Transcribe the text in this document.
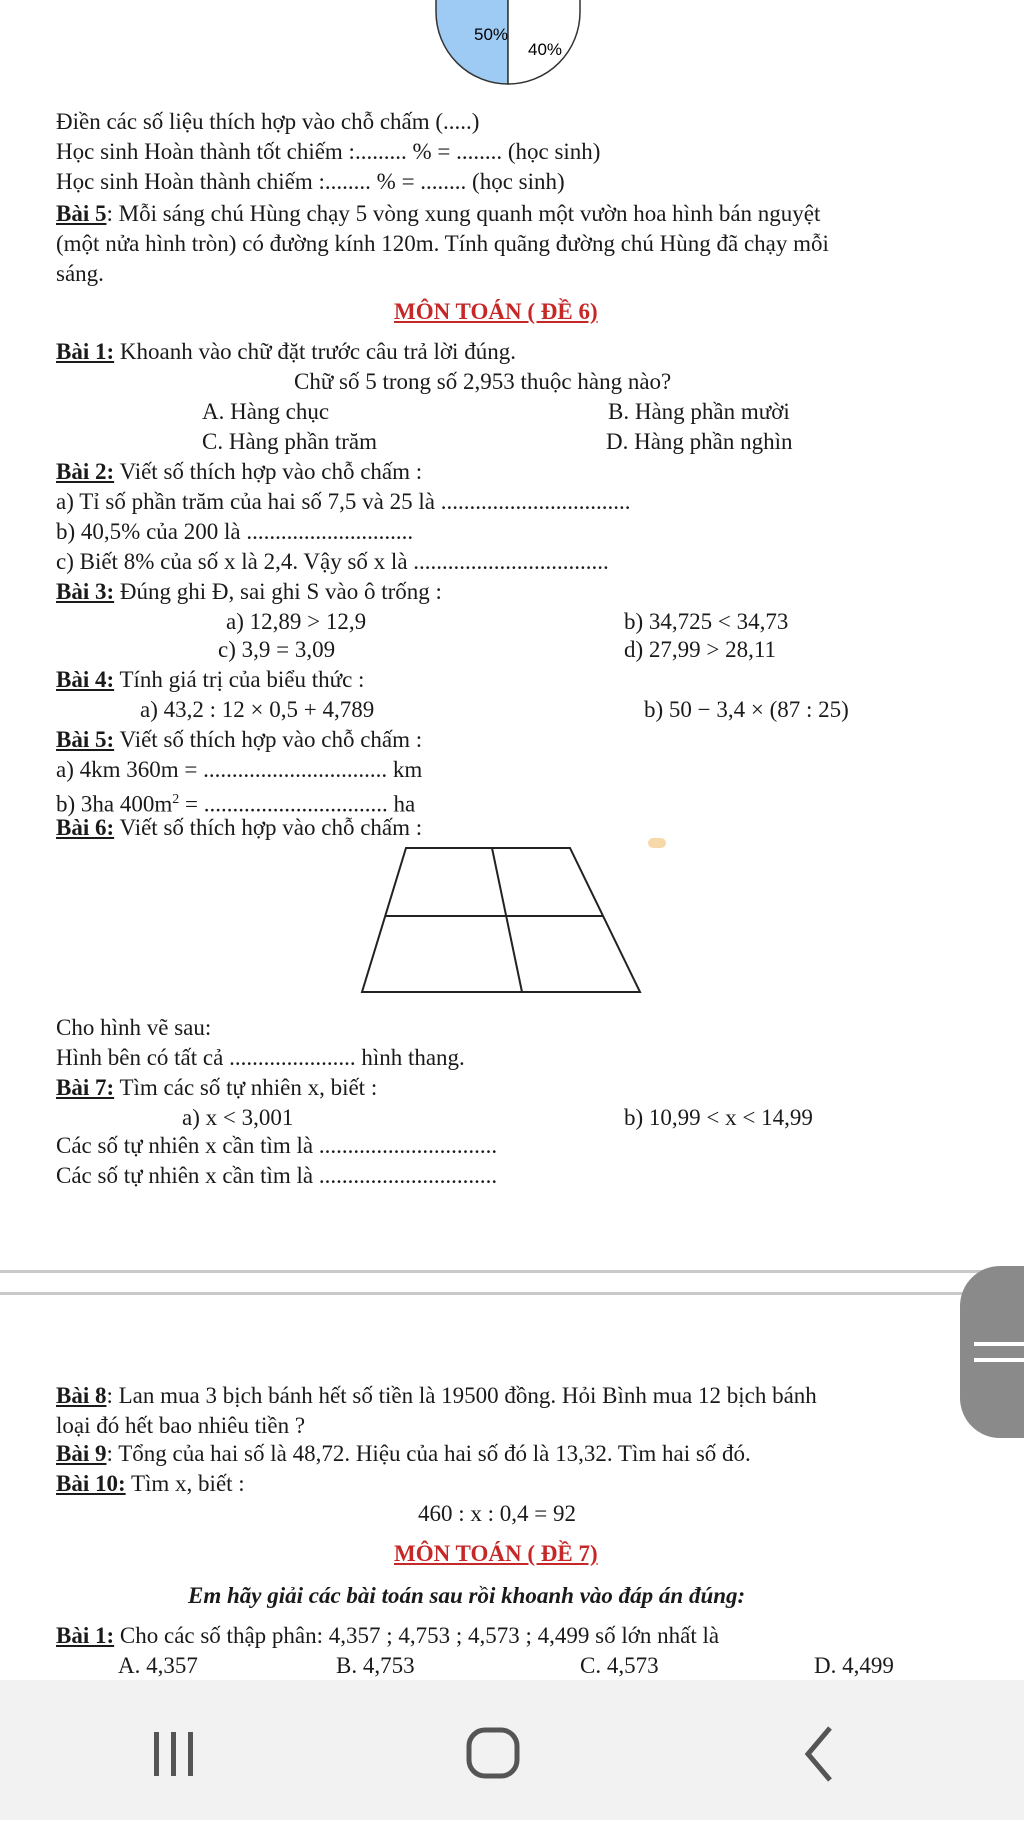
50%
40%
Điền các số liệu thích hợp vào chỗ chấm (.....)
Học sinh Hoàn thành tốt chiếm :......... % = ........ (học sinh)
Học sinh Hoàn thành chiếm :........ % = ........ (học sinh)
Bài 5: Mỗi sáng chú Hùng chạy 5 vòng xung quanh một vườn hoa hình bán nguyệt
(một nửa hình tròn) có đường kính 120m. Tính quãng đường chú Hùng đã chạy mỗi
sáng.
MÔN TOÁN ( ĐỀ 6)
Bài 1: Khoanh vào chữ đặt trước câu trả lời đúng.
Chữ số 5 trong số 2,953 thuộc hàng nào?
A. Hàng chục	B. Hàng phần mười
C. Hàng phần trăm	D. Hàng phần nghìn
Bài 2: Viết số thích hợp vào chỗ chấm :
a) Tỉ số phần trăm của hai số 7,5 và 25 là .................................
b) 40,5% của 200 là .............................
c) Biết 8% của số x là 2,4. Vậy số x là ..................................
Bài 3: Đúng ghi Đ, sai ghi S vào ô trống :
a) 12,89 > 12,9	b) 34,725 < 34,73
c) 3,9 = 3,09	d) 27,99 > 28,11
Bài 4: Tính giá trị của biểu thức :
a) 43,2 : 12 × 0,5 + 4,789	b) 50 − 3,4 × (87 : 25)
Bài 5: Viết số thích hợp vào chỗ chấm :
a) 4km 360m = ................................ km
b) 3ha $400m^2$ = ................................ ha
Bài 6: Viết số thích hợp vào chỗ chấm :
Cho hình vẽ sau:
Hình bên có tất cả ...................... hình thang.
Bài 7: Tìm các số tự nhiên x, biết :
a) x < 3,001	b) 10,99 < x < 14,99
Các số tự nhiên x cần tìm là ...............................
Các số tự nhiên x cần tìm là ...............................
Bài 8: Lan mua 3 bịch bánh hết số tiền là 19500 đồng. Hỏi Bình mua 12 bịch bánh
loại đó hết bao nhiêu tiền ?
Bài 9: Tổng của hai số là 48,72. Hiệu của hai số đó là 13,32. Tìm hai số đó.
Bài 10: Tìm x, biết :
460 : x : 0,4 = 92
MÔN TOÁN ( ĐỀ 7)
Em hãy giải các bài toán sau rồi khoanh vào đáp án đúng:
Bài 1: Cho các số thập phân: 4,357 ; 4,753 ; 4,573 ; 4,499 số lớn nhất là
A. 4,357	B. 4,753	C. 4,573	D. 4,499
